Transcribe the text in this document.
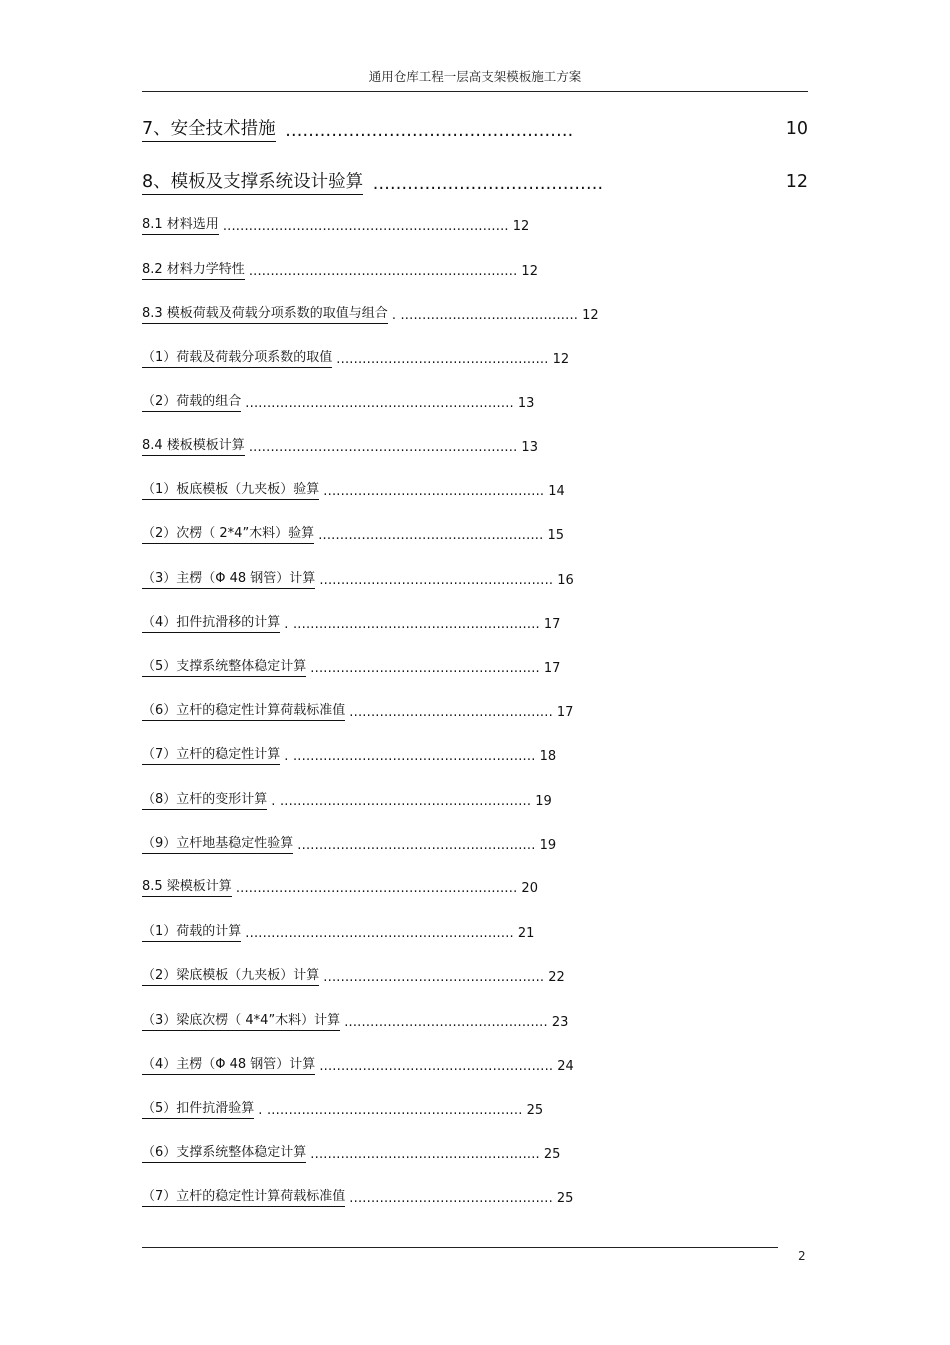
通用仓库工程一层高支架模板施工方案
7、安全技术措施 ..................................................	10
8、模板及支撑系统设计验算 ........................................	12
8.1 材料选用 .................................................................. 12
8.2 材料力学特性 .............................................................. 12
8.3 模板荷载及荷载分项系数的取值与组合 . ......................................... 12
（1）荷载及荷载分项系数的取值 ................................................. 12
（2）荷载的组合 .............................................................. 13
8.4 楼板模板计算 .............................................................. 13
（1）板底模板（九夹板）验算 ................................................... 14
（2）次楞（ 2*4”木料）验算 .................................................... 15
（3）主楞（Φ 48 钢管）计算 ...................................................... 16
（4）扣件抗滑移的计算 . ......................................................... 17
（5）支撑系统整体稳定计算 ..................................................... 17
（6）立杆的稳定性计算荷载标准值 ............................................... 17
（7）立杆的稳定性计算 . ........................................................ 18
（8）立杆的变形计算 . .......................................................... 19
（9）立杆地基稳定性验算 ....................................................... 19
8.5 梁模板计算 ................................................................. 20
（1）荷载的计算 .............................................................. 21
（2）梁底模板（九夹板）计算 ................................................... 22
（3）梁底次楞（ 4*4”木料）计算 ............................................... 23
（4）主楞（Φ 48 钢管）计算 ...................................................... 24
（5）扣件抗滑验算 . ........................................................... 25
（6）支撑系统整体稳定计算 ..................................................... 25
（7）立杆的稳定性计算荷载标准值 ............................................... 25
2
